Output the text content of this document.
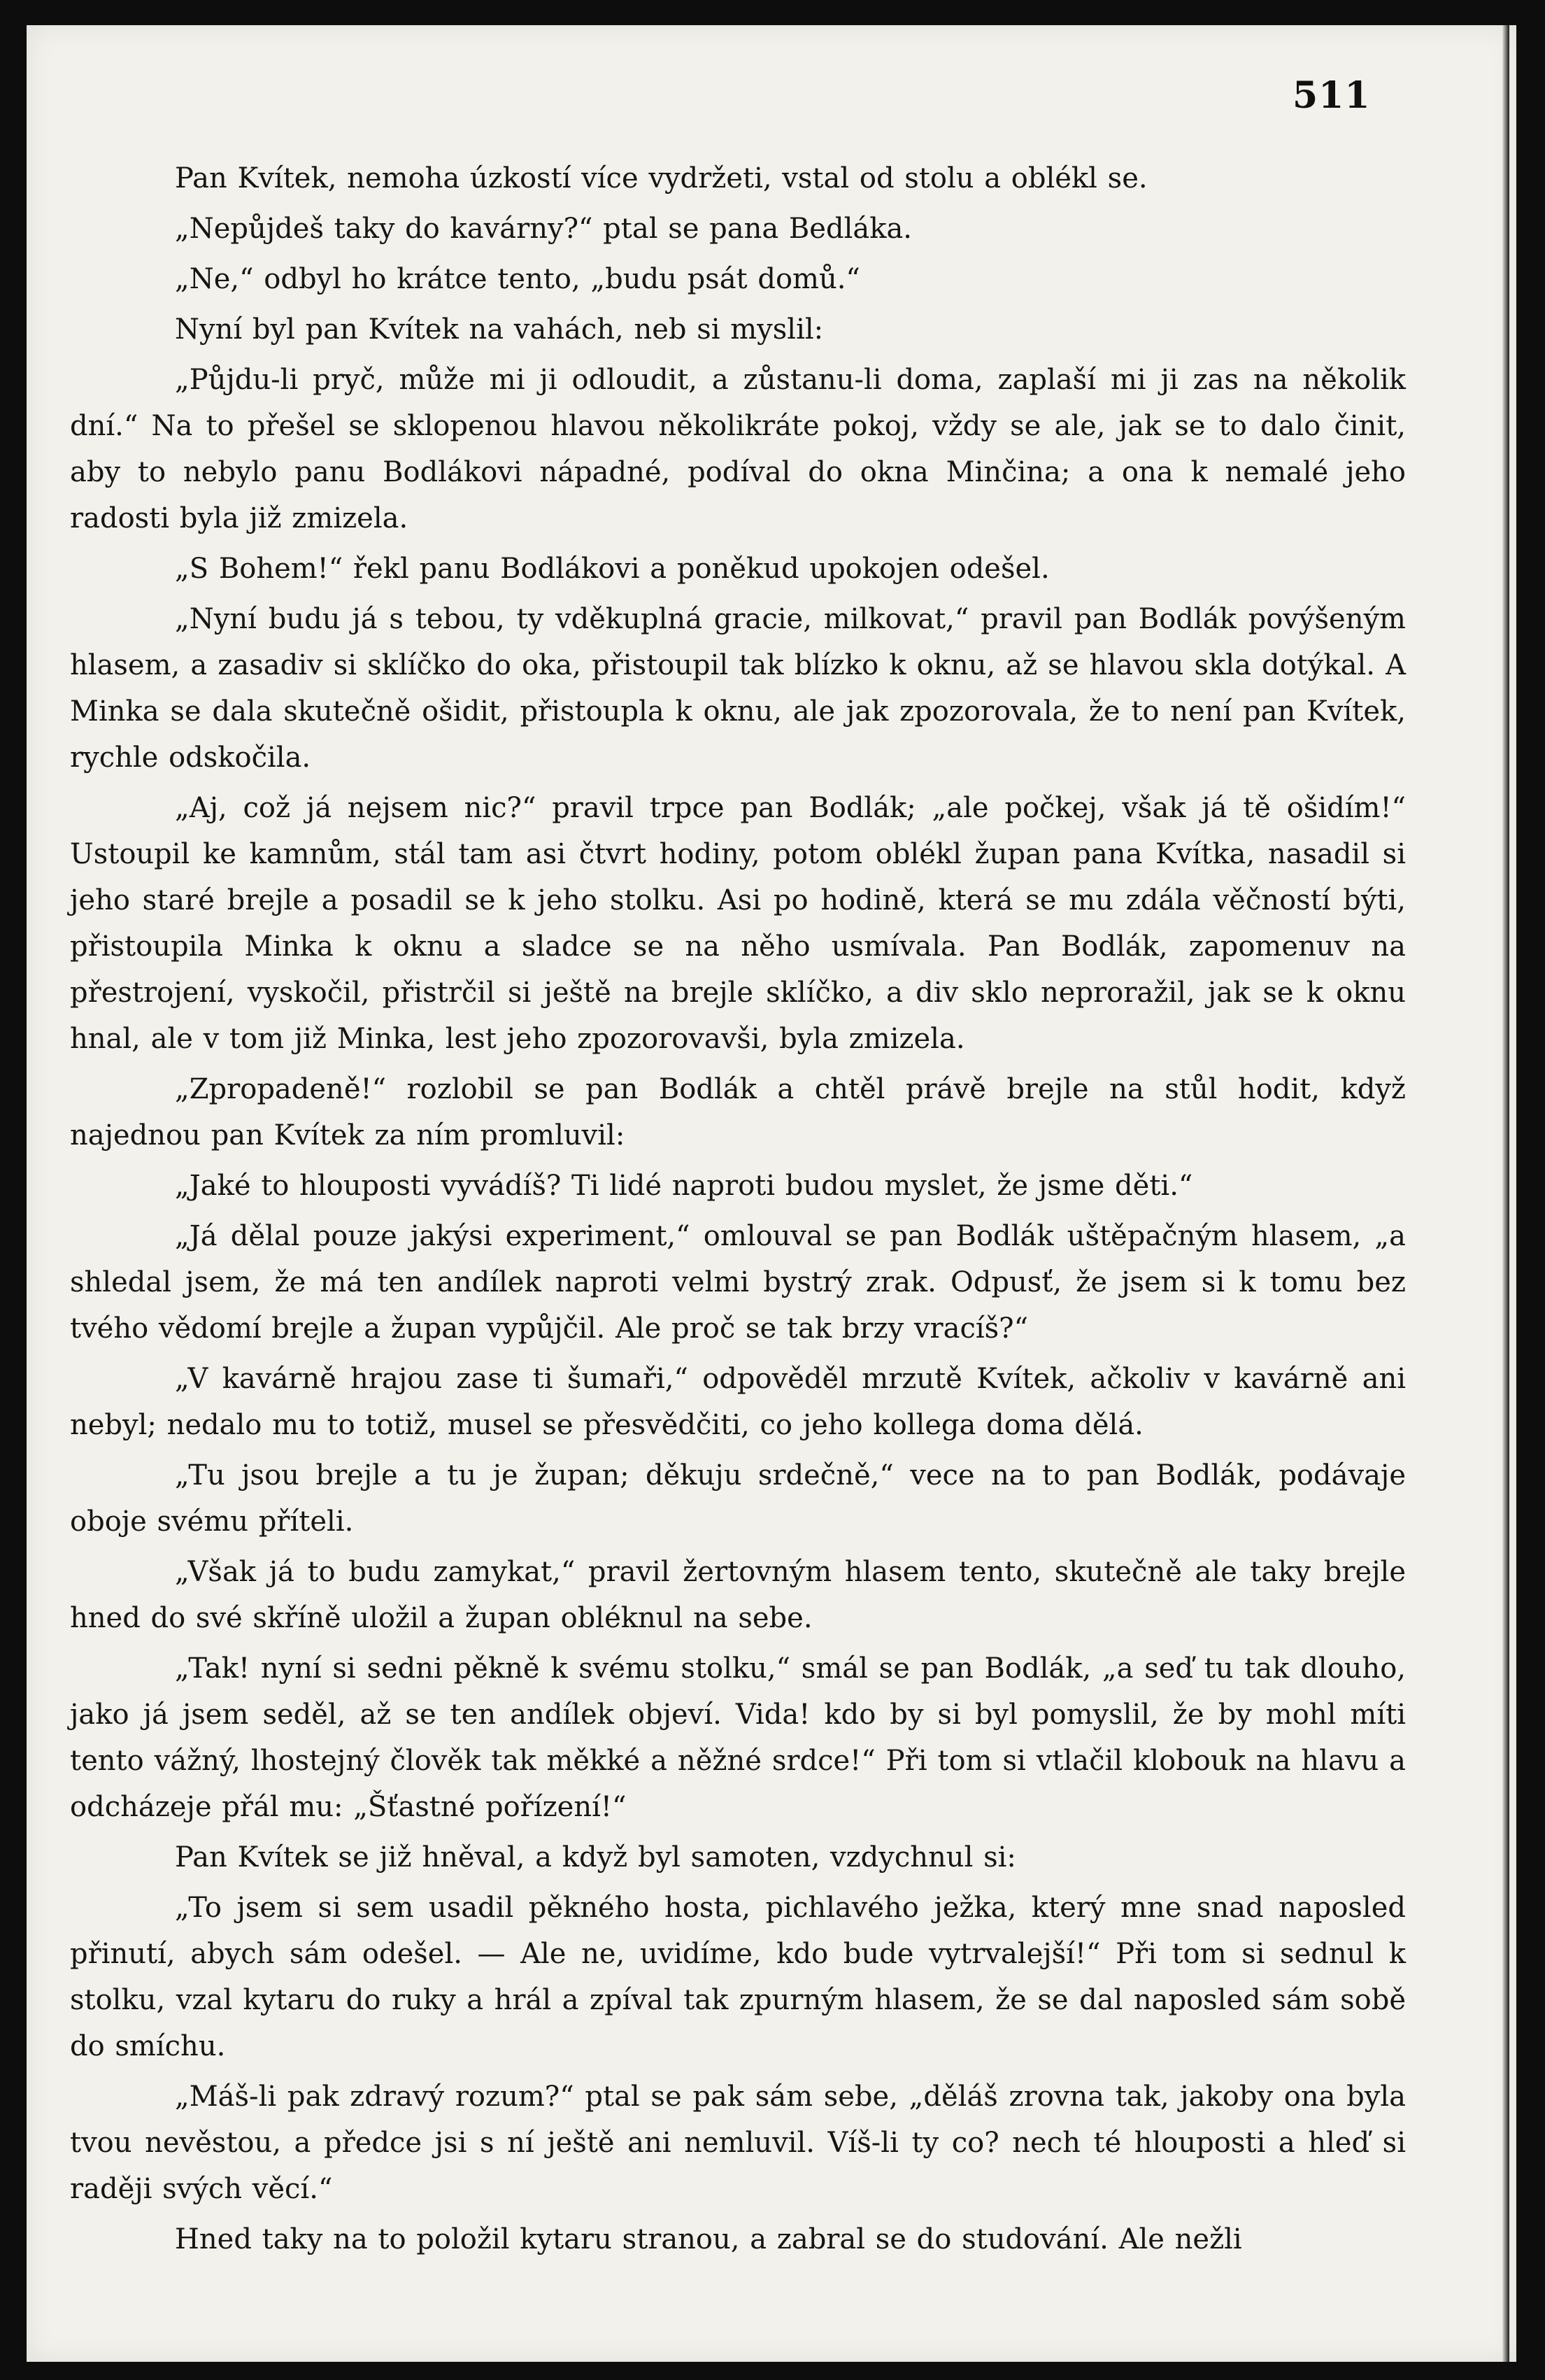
511

Pan Kvítek, nemoha úzkostí více vydržeti, vstal od stolu a oblékl se.

„Nepůjdeš taky do kavárny?“ ptal se pana Bedláka.

„Ne,“ odbyl ho krátce tento, „budu psát domů.“

Nyní byl pan Kvítek na vahách, neb si myslil:

„Půjdu-li pryč, může mi ji odloudit, a zůstanu-li doma, zaplaší mi ji zas na několik dní.“ Na to přešel se sklopenou hlavou několikráte pokoj, vždy se ale, jak se to dalo činit, aby to nebylo panu Bodlákovi nápadné, podíval do okna Minčina; a ona k nemalé jeho radosti byla již zmizela.

„S Bohem!“ řekl panu Bodlákovi a poněkud upokojen odešel.

„Nyní budu já s tebou, ty vděkuplná gracie, milkovat,“ pravil pan Bodlák povýšeným hlasem, a zasadiv si sklíčko do oka, přistoupil tak blízko k oknu, až se hlavou skla dotýkal. A Minka se dala skutečně ošidit, přistoupla k oknu, ale jak zpozorovala, že to není pan Kvítek, rychle odskočila.

„Aj, což já nejsem nic?“ pravil trpce pan Bodlák; „ale počkej, však já tě ošidím!“ Ustoupil ke kamnům, stál tam asi čtvrt hodiny, potom oblékl župan pana Kvítka, nasadil si jeho staré brejle a posadil se k jeho stolku. Asi po hodině, která se mu zdála věčností býti, přistoupila Minka k oknu a sladce se na něho usmívala. Pan Bodlák, zapomenuv na přestrojení, vyskočil, přistrčil si ještě na brejle sklíčko, a div sklo neproražil, jak se k oknu hnal, ale v tom již Minka, lest jeho zpozorovavši, byla zmizela.

„Zpropadeně!“ rozlobil se pan Bodlák a chtěl právě brejle na stůl hodit, když najednou pan Kvítek za ním promluvil:

„Jaké to hlouposti vyvádíš? Ti lidé naproti budou myslet, že jsme děti.“

„Já dělal pouze jakýsi experiment,“ omlouval se pan Bodlák uštěpačným hlasem, „a shledal jsem, že má ten andílek naproti velmi bystrý zrak. Odpusť, že jsem si k tomu bez tvého vědomí brejle a župan vypůjčil. Ale proč se tak brzy vracíš?“

„V kavárně hrajou zase ti šumaři,“ odpověděl mrzutě Kvítek, ačkoliv v kavárně ani nebyl; nedalo mu to totiž, musel se přesvědčiti, co jeho kollega doma dělá.

„Tu jsou brejle a tu je župan; děkuju srdečně,“ vece na to pan Bodlák, podávaje oboje svému příteli.

„Však já to budu zamykat,“ pravil žertovným hlasem tento, skutečně ale taky brejle hned do své skříně uložil a župan obléknul na sebe.

„Tak! nyní si sedni pěkně k svému stolku,“ smál se pan Bodlák, „a seď tu tak dlouho, jako já jsem seděl, až se ten andílek objeví. Vida! kdo by si byl pomyslil, že by mohl míti tento vážný, lhostejný člověk tak měkké a něžné srdce!“ Při tom si vtlačil klobouk na hlavu a odcházeje přál mu: „Šťastné pořízení!“

Pan Kvítek se již hněval, a když byl samoten, vzdychnul si:

„To jsem si sem usadil pěkného hosta, pichlavého ježka, který mne snad naposled přinutí, abych sám odešel. — Ale ne, uvidíme, kdo bude vytrvalejší!“ Při tom si sednul k stolku, vzal kytaru do ruky a hrál a zpíval tak zpurným hlasem, že se dal naposled sám sobě do smíchu.

„Máš-li pak zdravý rozum?“ ptal se pak sám sebe, „děláš zrovna tak, jakoby ona byla tvou nevěstou, a předce jsi s ní ještě ani nemluvil. Víš-li ty co? nech té hlouposti a hleď si raději svých věcí.“

Hned taky na to položil kytaru stranou, a zabral se do studování. Ale nežli
